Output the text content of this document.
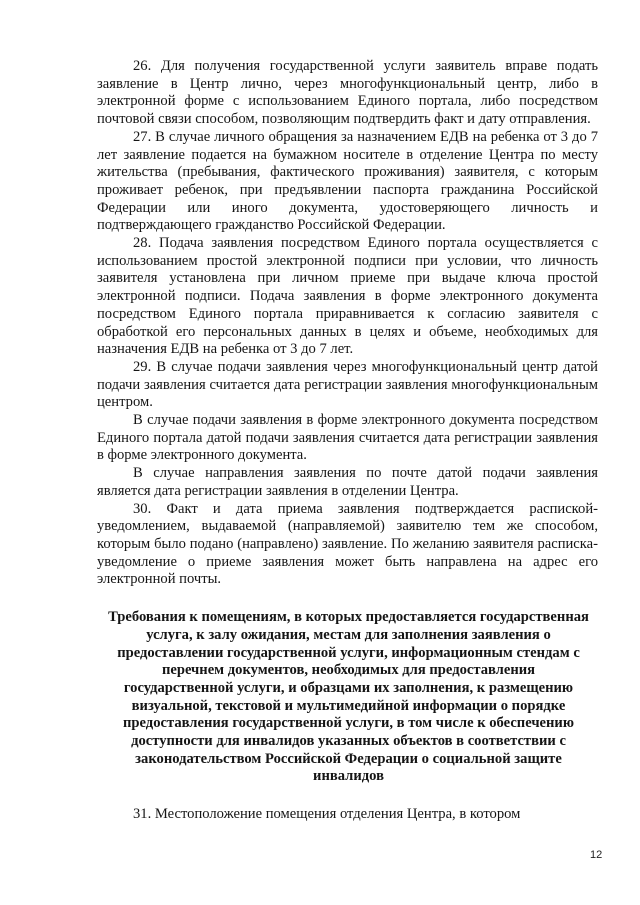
26. Для получения государственной услуги заявитель вправе подать заявление в Центр лично, через многофункциональный центр, либо в электронной форме с использованием Единого портала, либо посредством почтовой связи способом, позволяющим подтвердить факт и дату отправления.

27. В случае личного обращения за назначением ЕДВ на ребенка от 3 до 7 лет заявление подается на бумажном носителе в отделение Центра по месту жительства (пребывания, фактического проживания) заявителя, с которым проживает ребенок, при предъявлении паспорта гражданина Российской Федерации или иного документа, удостоверяющего личность и подтверждающего гражданство Российской Федерации.

28. Подача заявления посредством Единого портала осуществляется с использованием простой электронной подписи при условии, что личность заявителя установлена при личном приеме при выдаче ключа простой электронной подписи. Подача заявления в форме электронного документа посредством Единого портала приравнивается к согласию заявителя с обработкой его персональных данных в целях и объеме, необходимых для назначения ЕДВ на ребенка от 3 до 7 лет.

29. В случае подачи заявления через многофункциональный центр датой подачи заявления считается дата регистрации заявления многофункциональным центром.

В случае подачи заявления в форме электронного документа посредством Единого портала датой подачи заявления считается дата регистрации заявления в форме электронного документа.

В случае направления заявления по почте датой подачи заявления является дата регистрации заявления в отделении Центра.

30. Факт и дата приема заявления подтверждается распиской-уведомлением, выдаваемой (направляемой) заявителю тем же способом, которым было подано (направлено) заявление. По желанию заявителя расписка-уведомление о приеме заявления может быть направлена на адрес его электронной почты.

Требования к помещениям, в которых предоставляется государственная
услуга, к залу ожидания, местам для заполнения заявления о
предоставлении государственной услуги, информационным стендам с
перечнем документов, необходимых для предоставления
государственной услуги, и образцами их заполнения, к размещению
визуальной, текстовой и мультимедийной информации о порядке
предоставления государственной услуги, в том числе к обеспечению
доступности для инвалидов указанных объектов в соответствии с
законодательством Российской Федерации о социальной защите
инвалидов

31. Местоположение помещения отделения Центра, в котором

12
